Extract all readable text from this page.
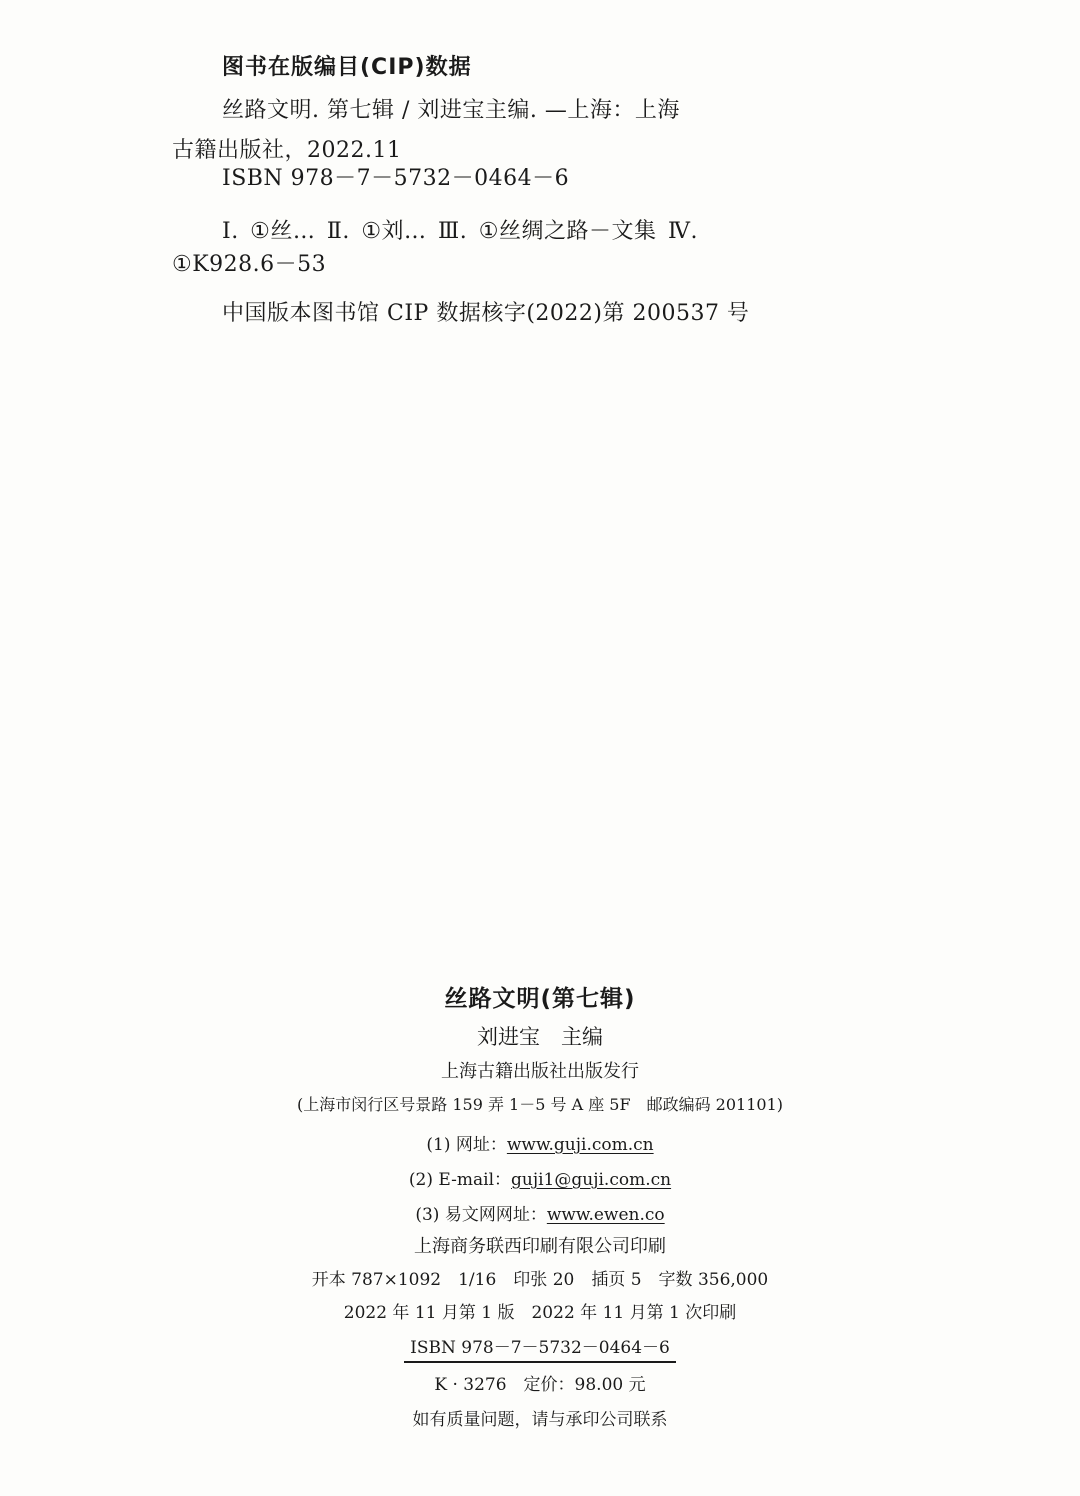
图书在版编目(CIP)数据
丝路文明. 第七辑 / 刘进宝主编. —上海：上海
古籍出版社，2022.11
ISBN 978－7－5732－0464－6
Ⅰ. ①丝… Ⅱ. ①刘… Ⅲ. ①丝绸之路－文集 Ⅳ.
①K928.6－53
中国版本图书馆 CIP 数据核字(2022)第 200537 号
丝路文明(第七辑)
刘进宝　主编
上海古籍出版社出版发行
(上海市闵行区号景路 159 弄 1－5 号 A 座 5F　邮政编码 201101)
(1) 网址：www.guji.com.cn
(2) E-mail：guji1@guji.com.cn
(3) 易文网网址：www.ewen.co
上海商务联西印刷有限公司印刷
开本 787×1092　1/16　印张 20　插页 5　字数 356,000
2022 年 11 月第 1 版　2022 年 11 月第 1 次印刷
ISBN 978－7－5732－0464－6
K · 3276　定价：98.00 元
如有质量问题，请与承印公司联系
